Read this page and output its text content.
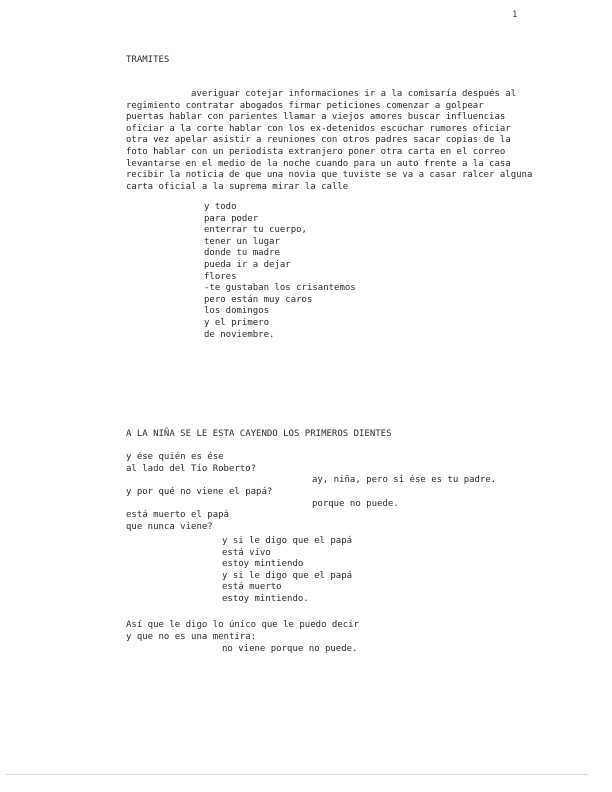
1
TRAMITES
averiguar cotejar informaciones ir a la comisaría después al
regimiento contratar abogados firmar peticiones comenzar a golpear
puertas hablar con parientes llamar a viejos amores buscar influencias
oficiar a la corte hablar con los ex-detenidos escuchar rumores oficiar
otra vez apelar asistir a reuniones con otros padres sacar copias de la
foto hablar con un periodista extranjero poner otra carta en el correo
levantarse en el medio de la noche cuando para un auto frente a la casa
recibir la noticia de que una novia que tuviste se va a casar ralcer alguna
carta oficial a la suprema mirar la calle
y todo
para poder
enterrar tu cuerpo,
tener un lugar
donde tu madre
pueda ir a dejar
flores
-te gustaban los crisantemos
pero están muy caros
los domingos
y el primero
de noviembre.
A LA NIÑA SE LE ESTA CAYENDO LOS PRIMEROS DIENTES
y ése quién es ése
al lado del Tío Roberto?
ay, niña, pero si ése es tu padre.
y por qué no viene el papá?
porque no puede.
está muerto el papá
que nunca viene?
y si le digo que el papá
está vivo
estoy mintiendo
y si le digo que el papá
está muerto
estoy mintiendo.
Así que le digo lo único que le puedo decir
y que no es una mentira:
no viene porque no puede.
